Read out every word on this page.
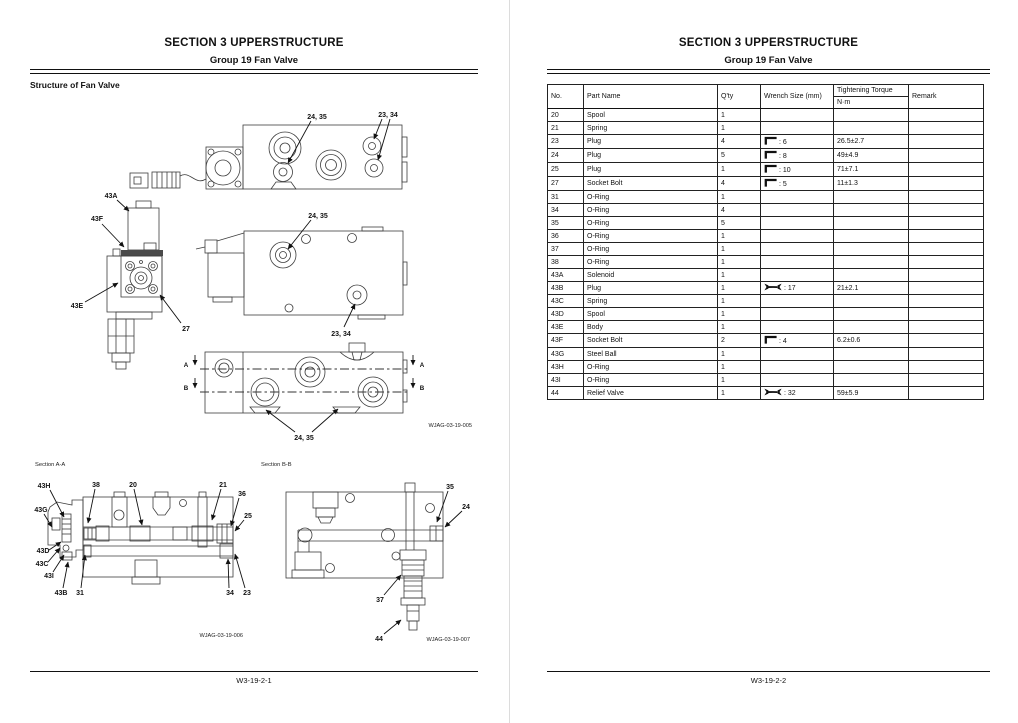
SECTION 3 UPPERSTRUCTURE
Group 19 Fan Valve
Structure of Fan Valve
A	A
B	B
24, 35	23, 34
43A
43F	24, 35
43E
27
23, 34
24, 35
WJAG-03-19-005
Section A-A
43H
43G
43D
43C
43I
43B 31
38	20	21
36
25
34 23
WJAG-03-19-006
Section B-B
35
24
37
44	WJAG-03-19-007
W3-19-2-1
SECTION 3 UPPERSTRUCTURE
Group 19 Fan Valve
No.	Part Name	Q'ty	Wrench Size (mm)	Tightening Torque
N·m	Remark
20	Spool	1			
21	Spring	1			
23	Plug	4	: 6	26.5±2.7	
24	Plug	5	: 8	49±4.9	
25	Plug	1	: 10	71±7.1	
27	Socket Bolt	4	: 5	11±1.3	
31	O-Ring	1			
34	O-Ring	4			
35	O-Ring	5			
36	O-Ring	1			
37	O-Ring	1			
38	O-Ring	1			
43A	Solenoid	1			
43B	Plug	1	: 17	21±2.1	
43C	Spring	1			
43D	Spool	1			
43E	Body	1			
43F	Socket Bolt	2	: 4	6.2±0.6	
43G	Steel Ball	1			
43H	O-Ring	1			
43I	O-Ring	1			
44	Relief Valve	1	: 32	59±5.9	
W3-19-2-2
